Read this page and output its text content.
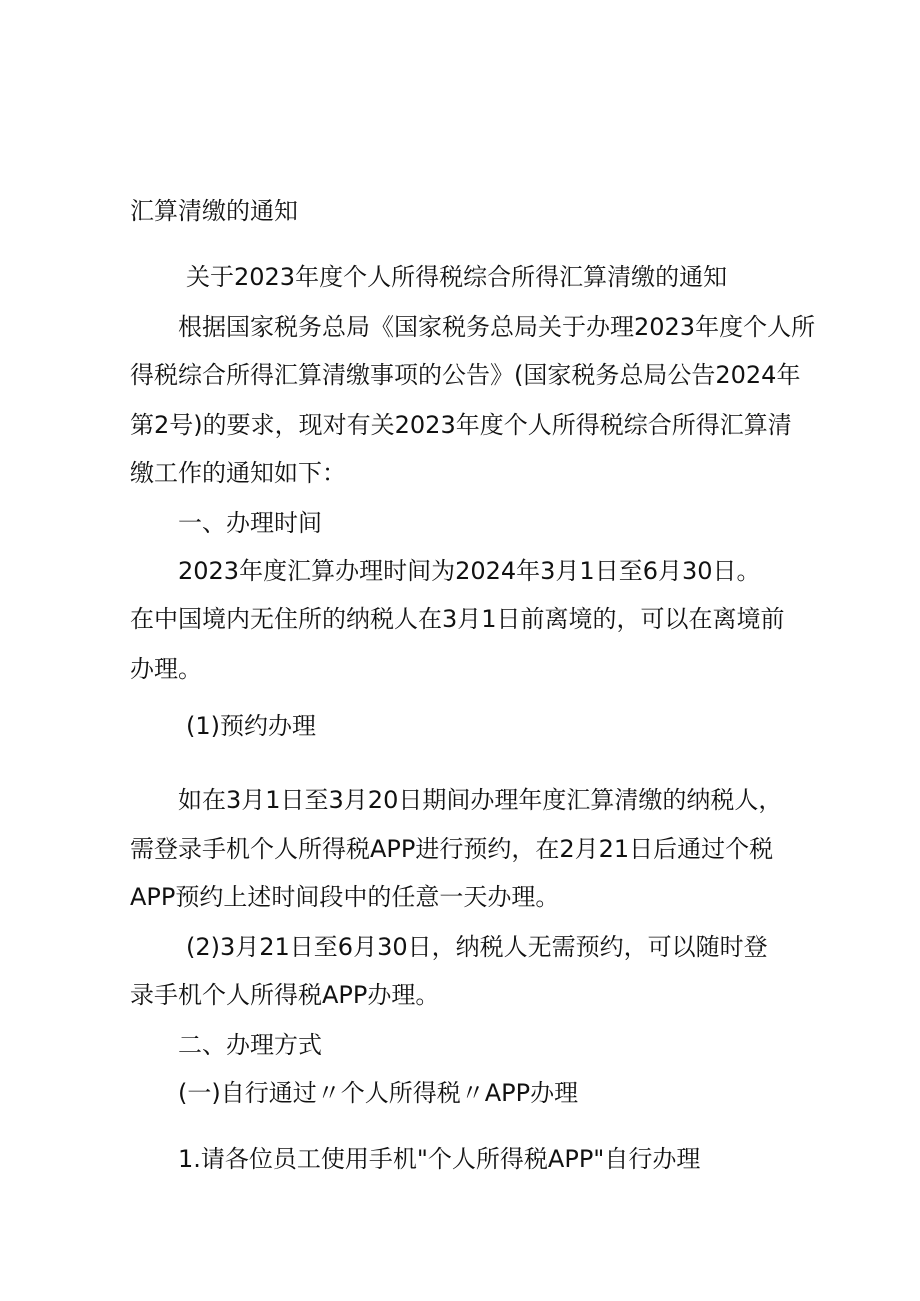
汇算清缴的通知
关于2023年度个人所得税综合所得汇算清缴的通知
根据国家税务总局《国家税务总局关于办理2023年度个人所
得税综合所得汇算清缴事项的公告》(国家税务总局公告2024年
第2号)的要求，现对有关2023年度个人所得税综合所得汇算清
缴工作的通知如下：
一、办理时间
2023年度汇算办理时间为2024年3月1日至6月30日。
在中国境内无住所的纳税人在3月1日前离境的，可以在离境前
办理。
(1)预约办理
如在3月1日至3月20日期间办理年度汇算清缴的纳税人，
需登录手机个人所得税APP进行预约，在2月21日后通过个税
APP预约上述时间段中的任意一天办理。
(2)3月21日至6月30日，纳税人无需预约，可以随时登
录手机个人所得税APP办理。
二、办理方式
(一)自行通过〃个人所得税〃APP办理
1.请各位员工使用手机"个人所得税APP"自行办理
